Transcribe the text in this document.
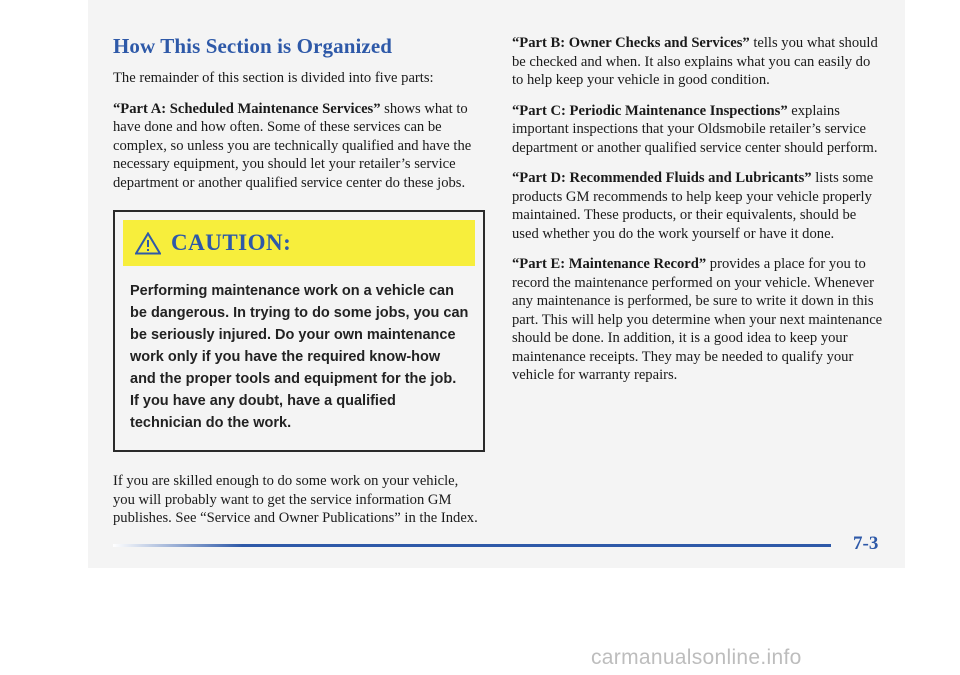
How This Section is Organized

The remainder of this section is divided into five parts:

“Part A: Scheduled Maintenance Services” shows what to have done and how often. Some of these services can be complex, so unless you are technically qualified and have the necessary equipment, you should let your retailer’s service department or another qualified service center do these jobs.

CAUTION:
Performing maintenance work on a vehicle can be dangerous. In trying to do some jobs, you can be seriously injured. Do your own maintenance work only if you have the required know-how and the proper tools and equipment for the job. If you have any doubt, have a qualified technician do the work.

If you are skilled enough to do some work on your vehicle, you will probably want to get the service information GM publishes. See “Service and Owner Publications” in the Index.

“Part B: Owner Checks and Services” tells you what should be checked and when. It also explains what you can easily do to help keep your vehicle in good condition.

“Part C: Periodic Maintenance Inspections” explains important inspections that your Oldsmobile retailer’s service department or another qualified service center should perform.

“Part D: Recommended Fluids and Lubricants” lists some products GM recommends to help keep your vehicle properly maintained. These products, or their equivalents, should be used whether you do the work yourself or have it done.

“Part E: Maintenance Record” provides a place for you to record the maintenance performed on your vehicle. Whenever any maintenance is performed, be sure to write it down in this part. This will help you determine when your next maintenance should be done. In addition, it is a good idea to keep your maintenance receipts. They may be needed to qualify your vehicle for warranty repairs.

7-3
carmanualsonline.info
